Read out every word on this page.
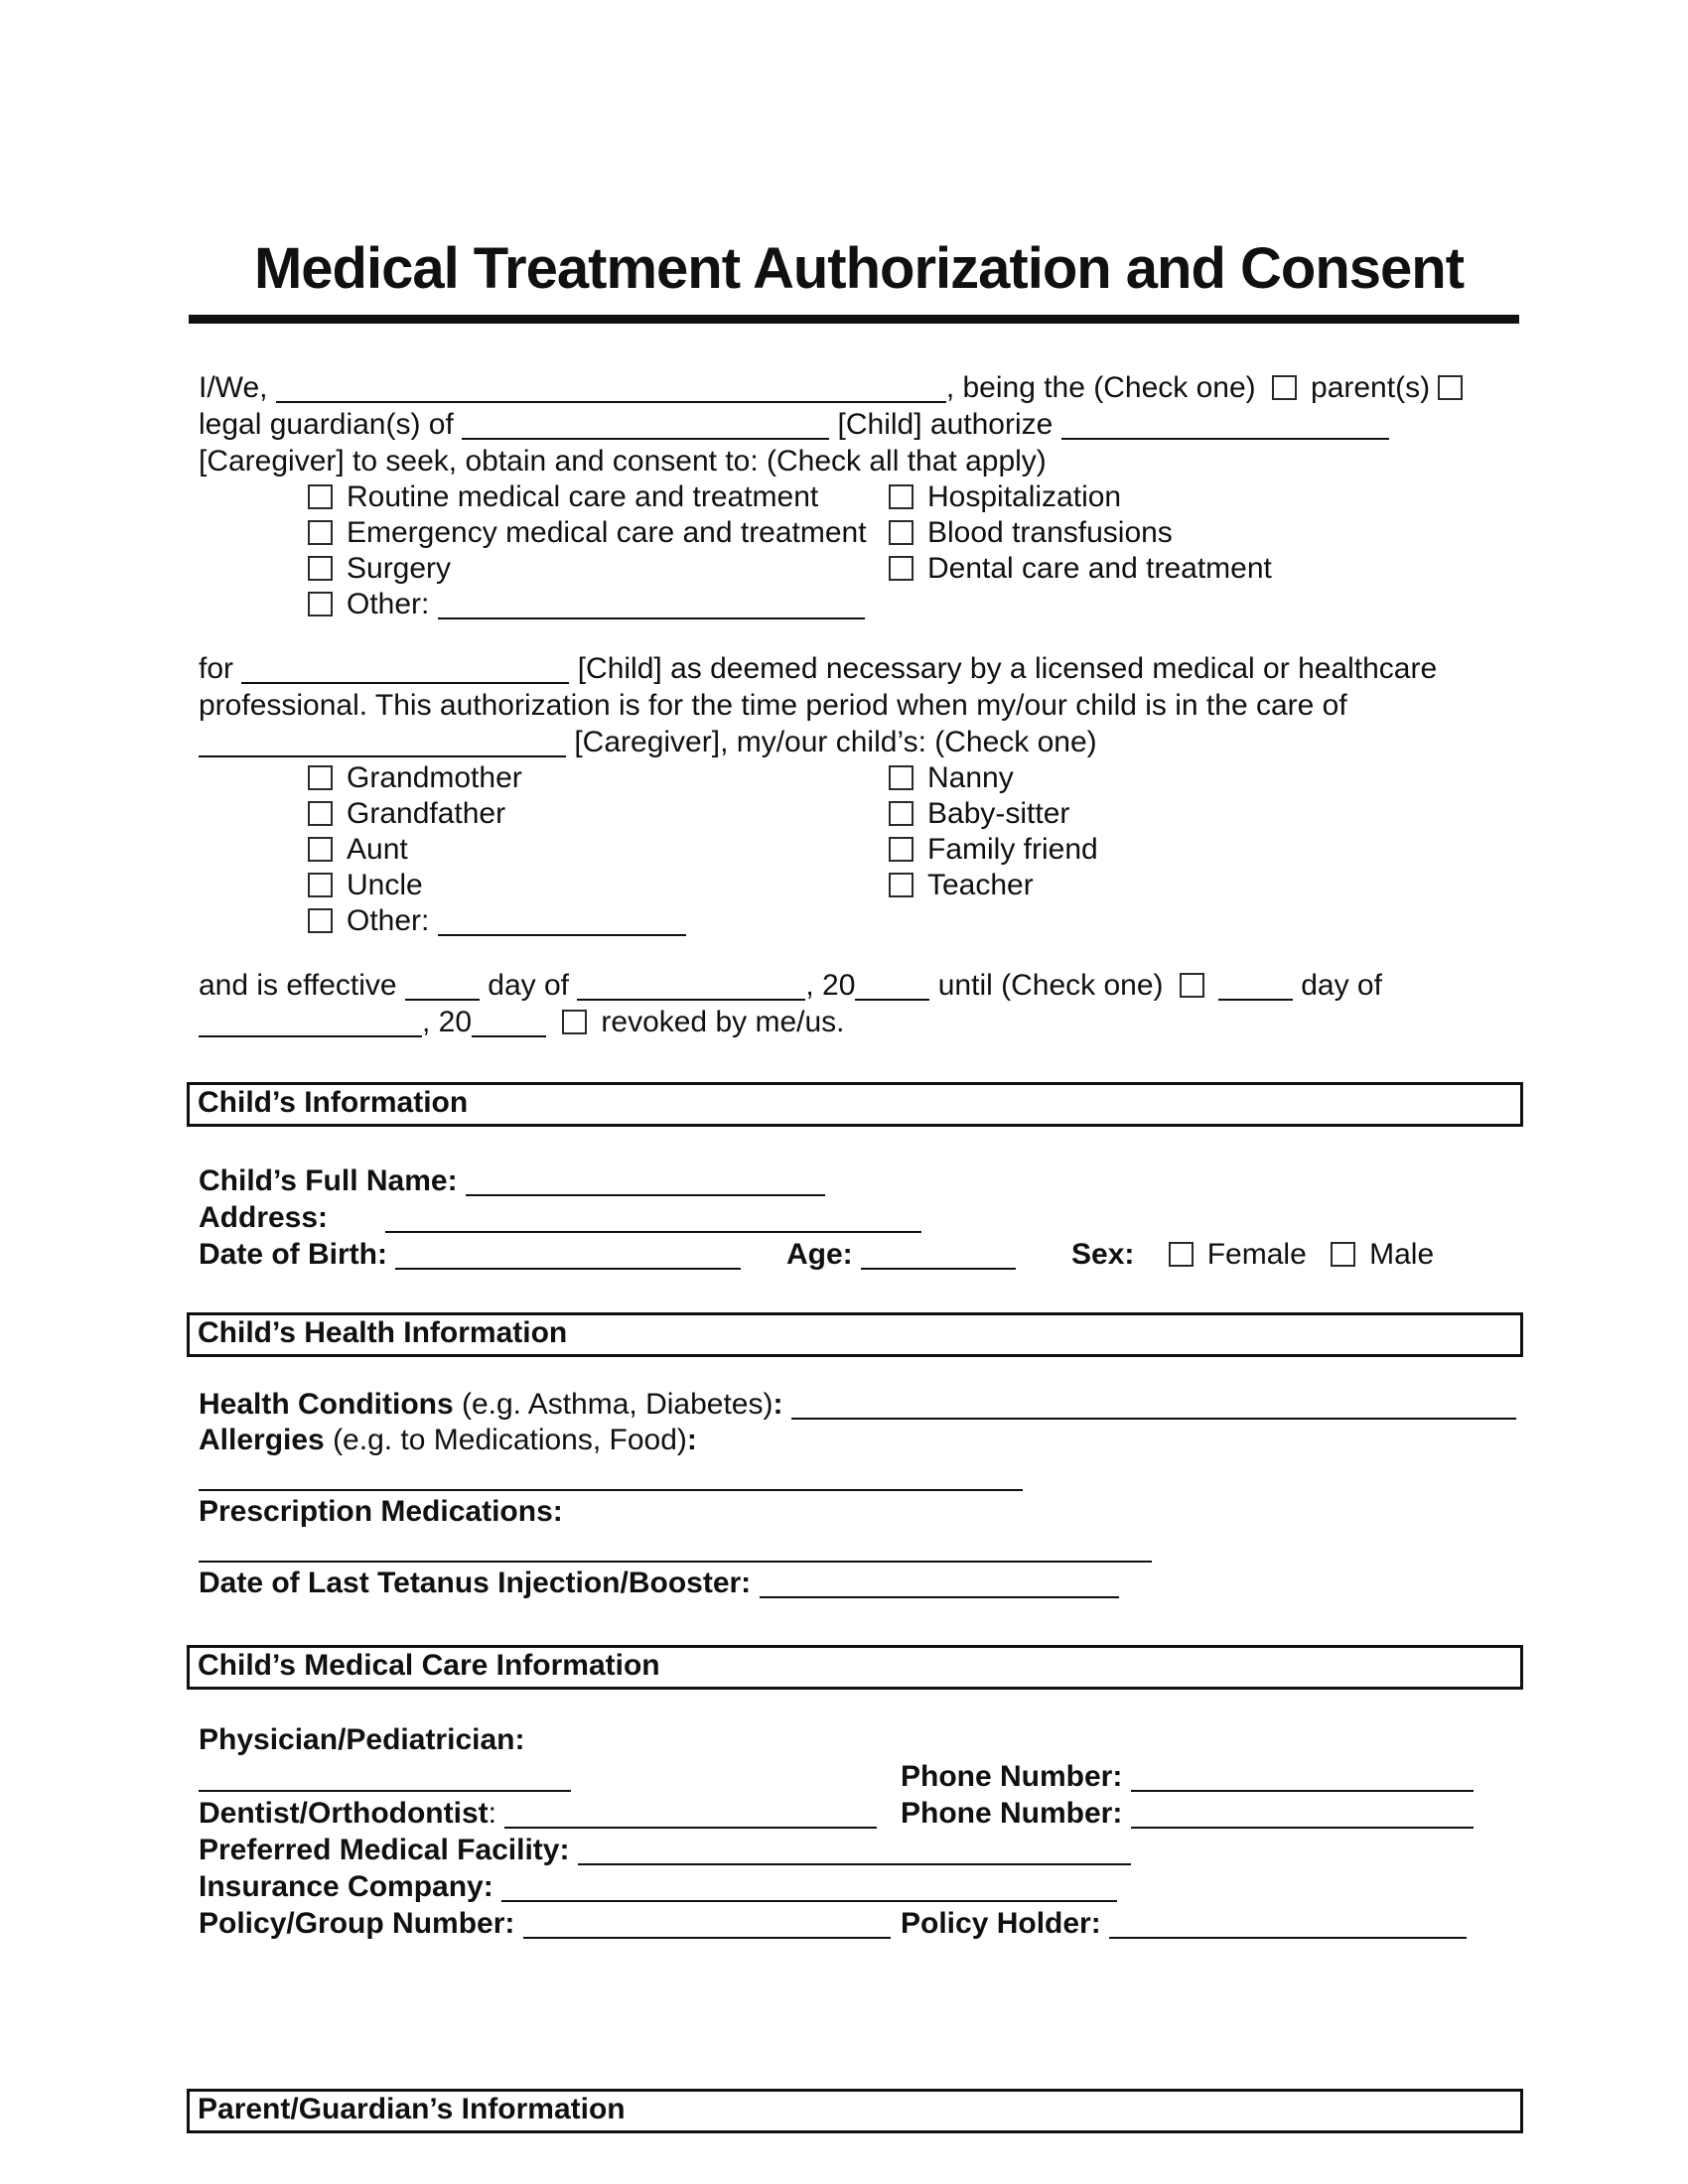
Medical Treatment Authorization and Consent

I/We,	, being the (Check one) parent(s) legal guardian(s) of	[Child] authorize  [Caregiver] to seek, obtain and consent to: (Check all that apply)

Routine medical care and treatment	Hospitalization
Emergency medical care and treatment Blood transfusions
Surgery	Dental care and treatment
Other:

for	[Child] as deemed necessary by a licensed medical or healthcare professional. This authorization is for the time period when my/our child is in the care of  [Caregiver], my/our child’s: (Check one)

Grandmother	Nanny
Grandfather	Baby-sitter
Aunt	Family friend
Uncle	Teacher
Other:

and is effective	day of	, 20	until (Check one)	day of , 20	revoked by me/us.

Child’s Information
Child’s Full Name:
Address:
Date of Birth:	Age:	Sex: Female Male
Child’s Health Information
Health Conditions (e.g. Asthma, Diabetes):
Allergies (e.g. to Medications, Food):
Prescription Medications:
Date of Last Tetanus Injection/Booster:
Child’s Medical Care Information
Physician/Pediatrician: Phone Number:
Dentist/Orthodontist:	Phone Number:
Preferred Medical Facility:
Insurance Company:
Policy/Group Number:	Policy Holder:
Parent/Guardian’s Information
